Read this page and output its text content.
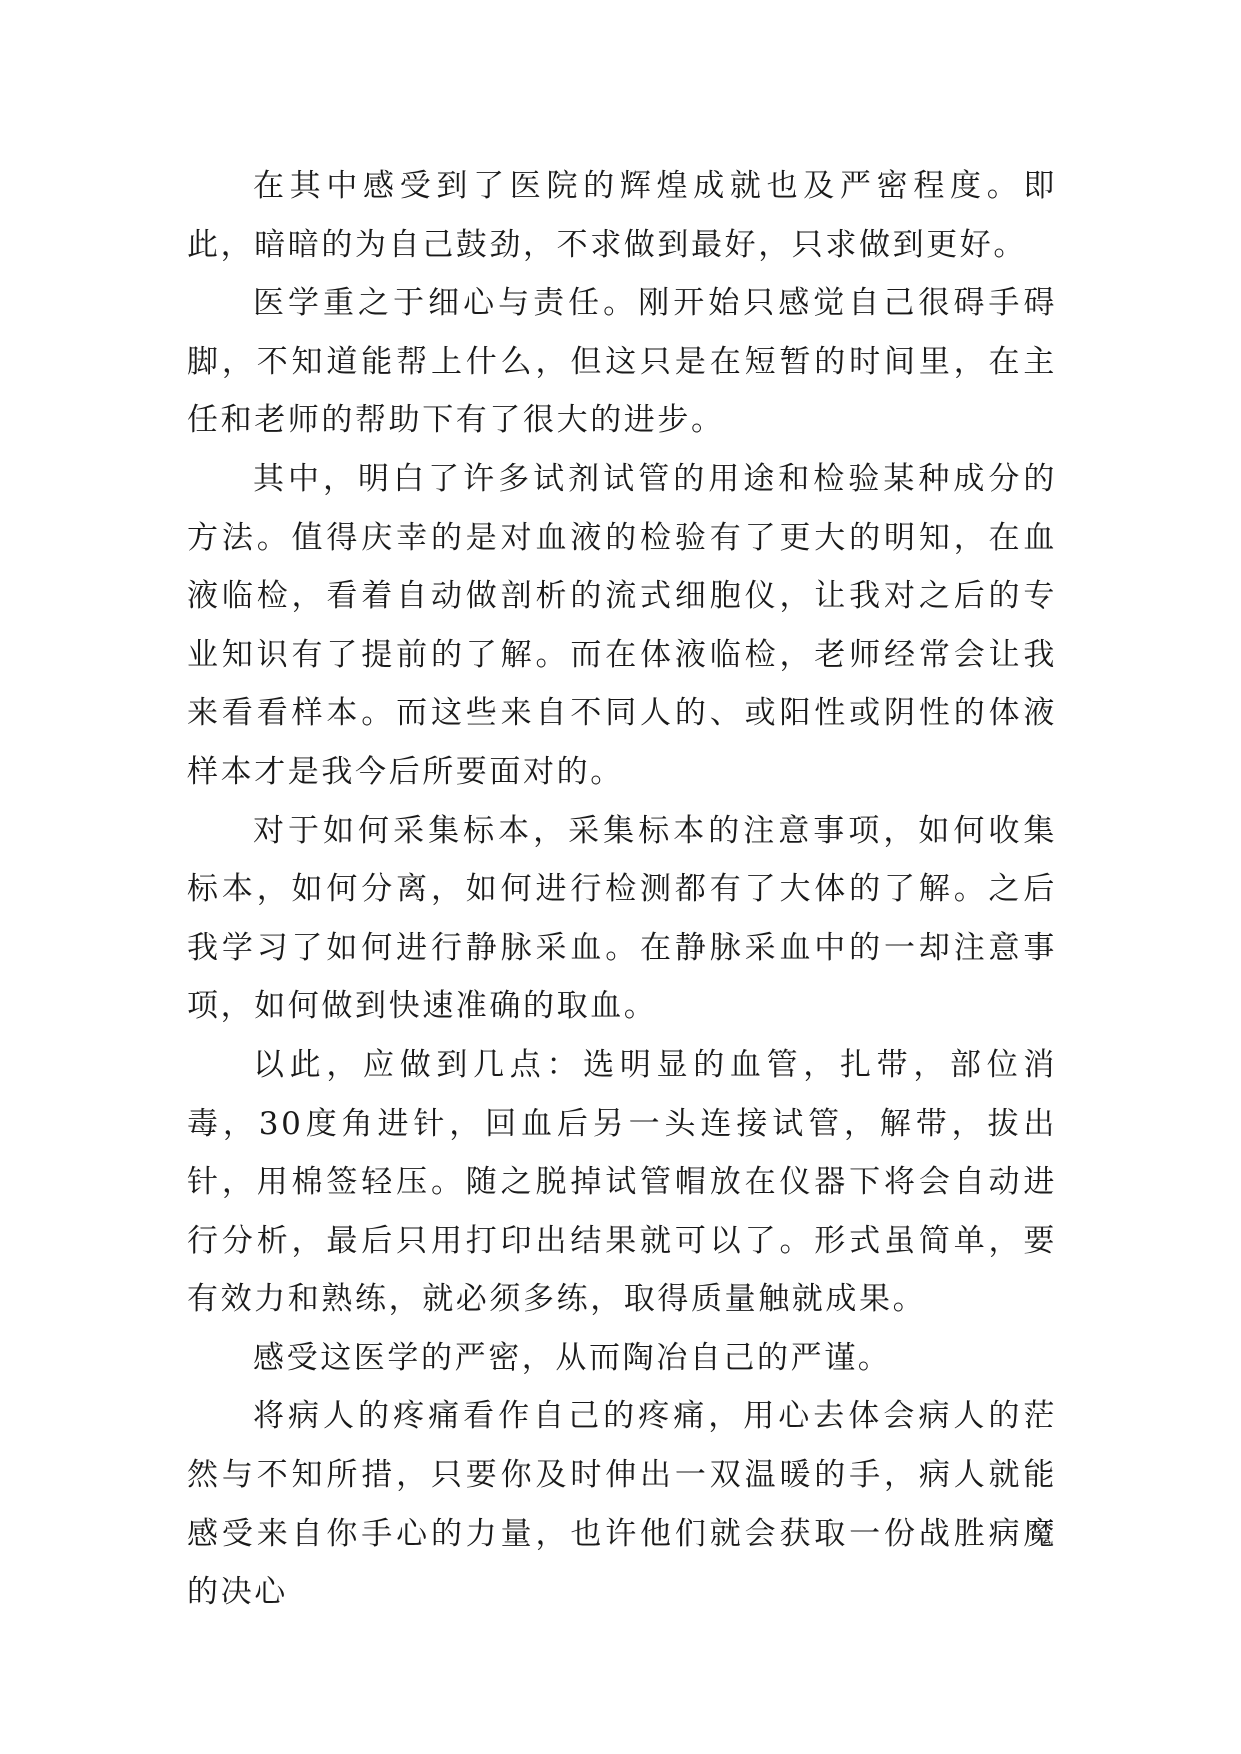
在其中感受到了医院的辉煌成就也及严密程度。即此，暗暗的为自己鼓劲，不求做到最好，只求做到更好。

医学重之于细心与责任。刚开始只感觉自己很碍手碍脚，不知道能帮上什么，但这只是在短暂的时间里，在主任和老师的帮助下有了很大的进步。

其中，明白了许多试剂试管的用途和检验某种成分的方法。值得庆幸的是对血液的检验有了更大的明知，在血液临检，看着自动做剖析的流式细胞仪，让我对之后的专业知识有了提前的了解。而在体液临检，老师经常会让我来看看样本。而这些来自不同人的、或阳性或阴性的体液样本才是我今后所要面对的。

对于如何采集标本，采集标本的注意事项，如何收集标本，如何分离，如何进行检测都有了大体的了解。之后我学习了如何进行静脉采血。在静脉采血中的一却注意事项，如何做到快速准确的取血。

以此，应做到几点：选明显的血管，扎带，部位消毒，30度角进针，回血后另一头连接试管，解带，拔出针，用棉签轻压。随之脱掉试管帽放在仪器下将会自动进行分析，最后只用打印出结果就可以了。形式虽简单，要有效力和熟练，就必须多练，取得质量触就成果。

感受这医学的严密，从而陶冶自己的严谨。

将病人的疼痛看作自己的疼痛，用心去体会病人的茫然与不知所措，只要你及时伸出一双温暖的手，病人就能感受来自你手心的力量，也许他们就会获取一份战胜病魔的决心
